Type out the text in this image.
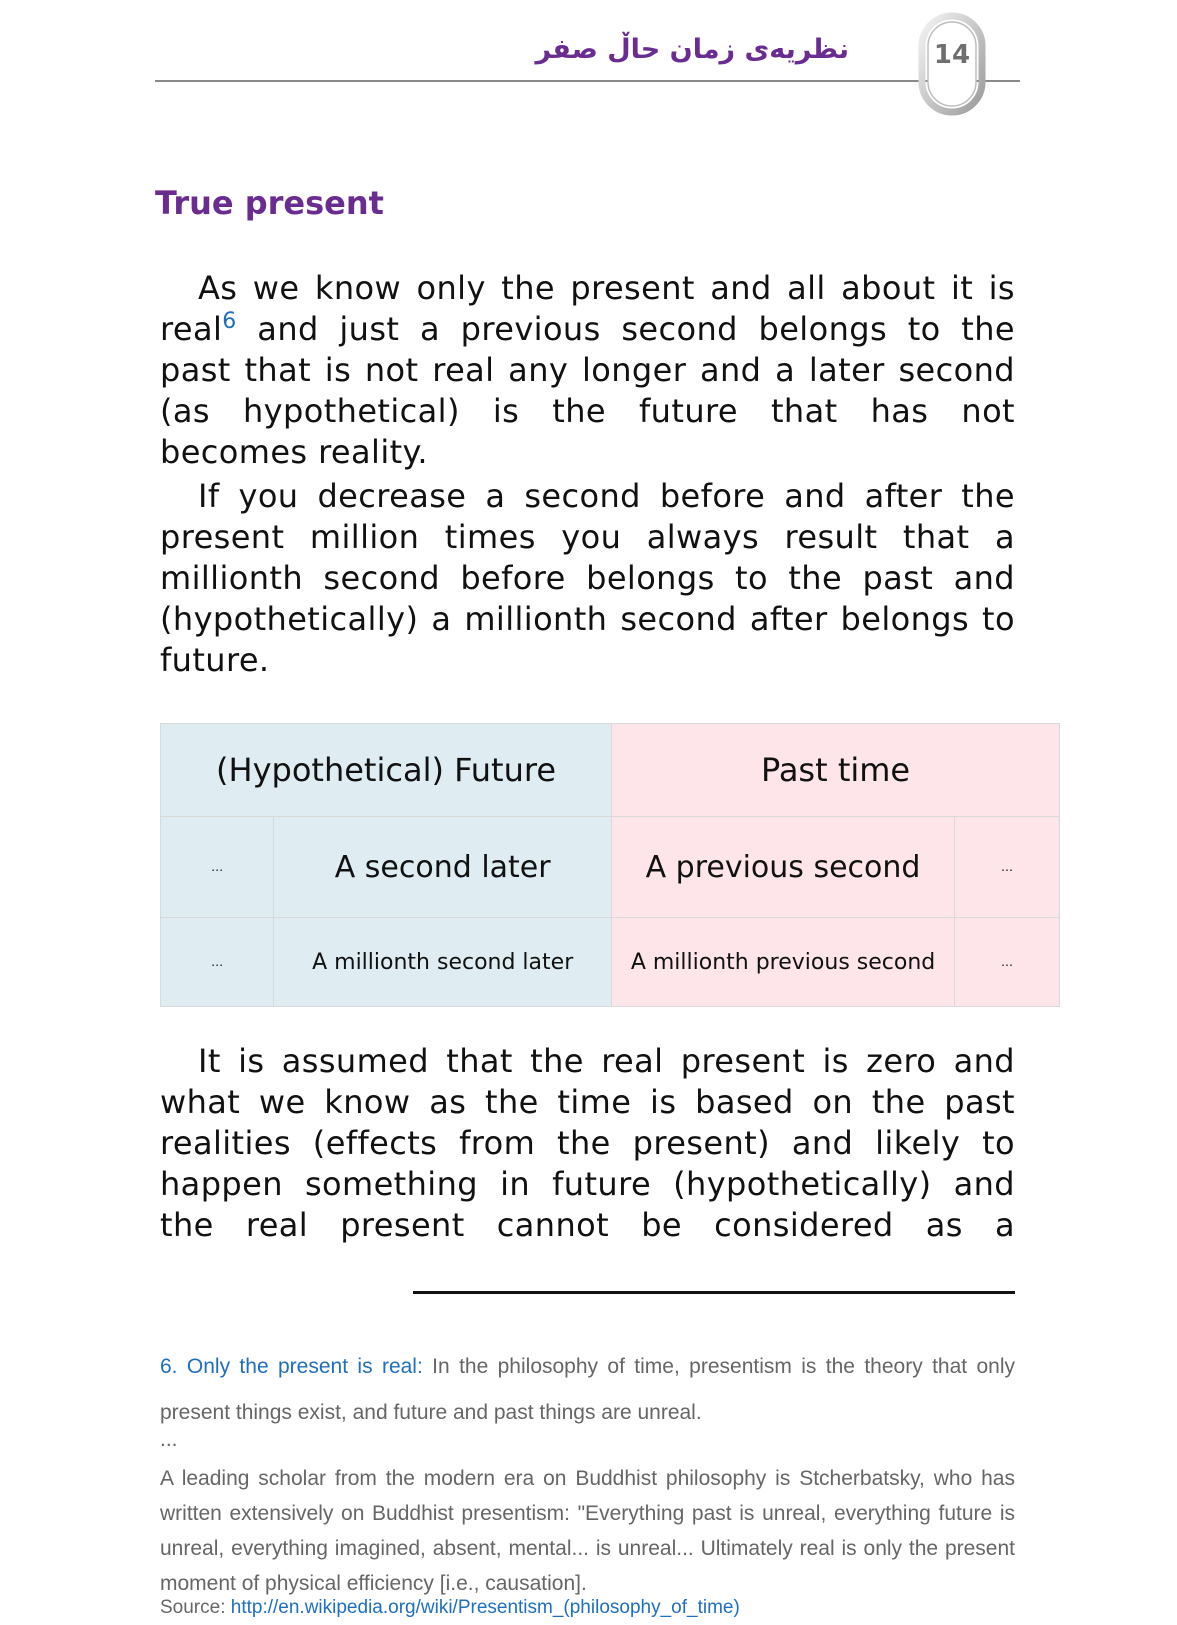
نظریەی زمان حاڵ صفر	14
True present

As we know only the present and all about it is real$^6$ and just a previous second belongs to the past that is not real any longer and a later second (as hypothetical) is the future that has not becomes reality.

If you decrease a second before and after the present million times you always result that a millionth second before belongs to the past and (hypothetically) a millionth second after belongs to future.

(Hypothetical) Future		Past time	
…	A second later	A previous second	…
…	A millionth second later	A millionth previous second	…

It is assumed that the real present is zero and what we know as the time is based on the past realities (effects from the present) and likely to happen something in future (hypothetically) and the real present cannot be considered as a

6. Only the present is real: In the philosophy of time, presentism is the theory that only present things exist, and future and past things are unreal.

...

A leading scholar from the modern era on Buddhist philosophy is Stcherbatsky, who has written extensively on Buddhist presentism: "Everything past is unreal, everything future is unreal, everything imagined, absent, mental... is unreal... Ultimately real is only the present moment of physical efficiency [i.e., causation].

Source: http://en.wikipedia.org/wiki/Presentism_(philosophy_of_time)
